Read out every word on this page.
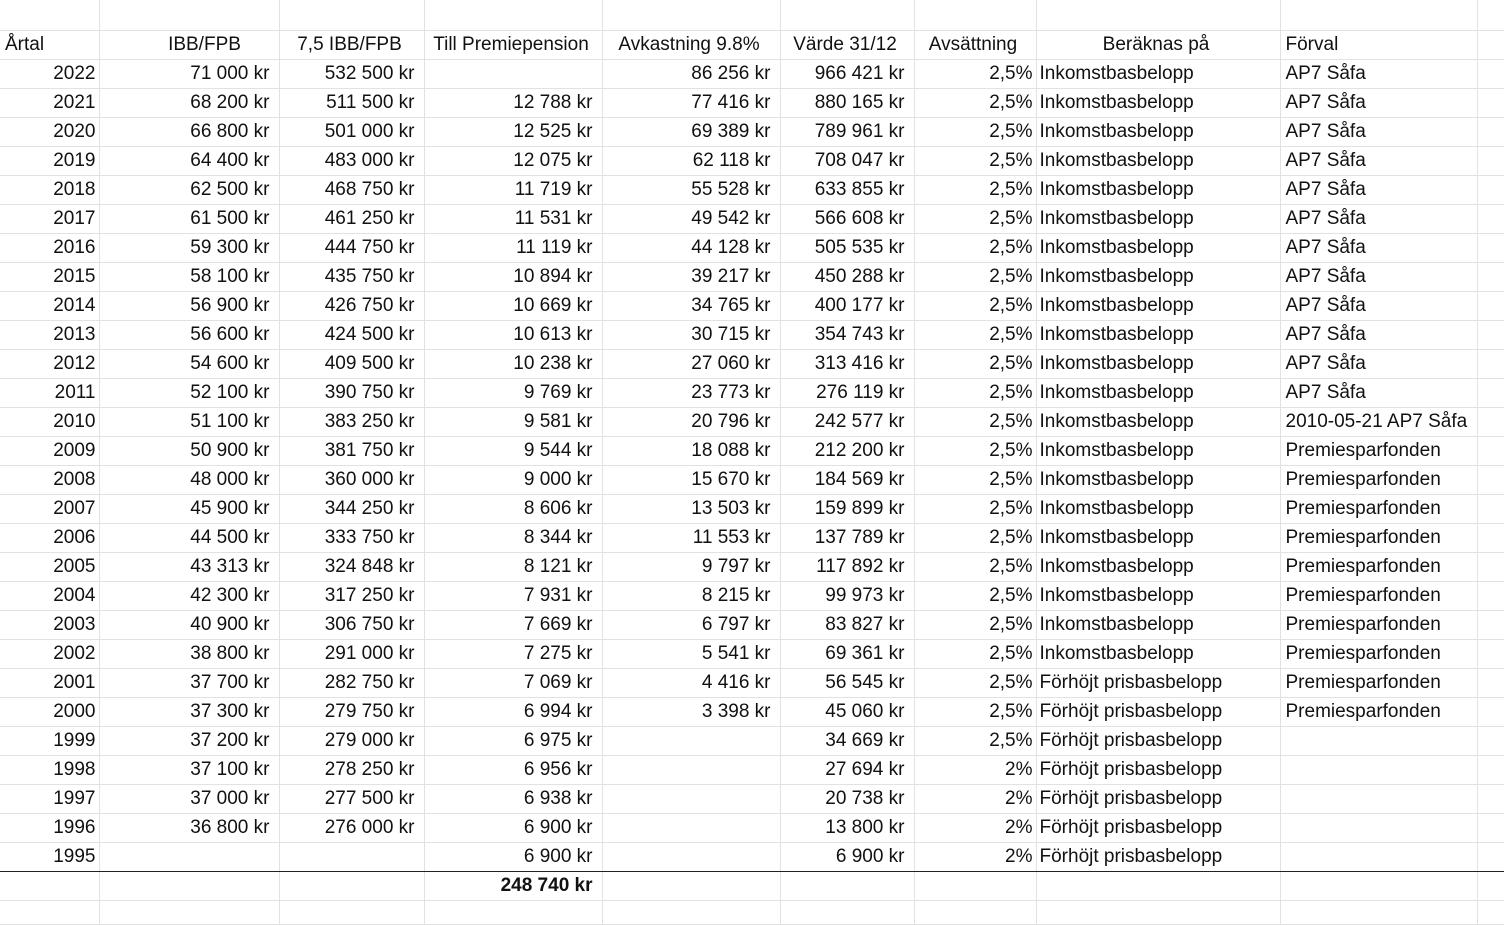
Årtal	IBB/FPB	7,5 IBB/FPB	Till Premiepension	Avkastning 9.8%	Värde 31/12	Avsättning	Beräknas på	Förval	
2022	71 000 kr	532 500 kr		86 256 kr	966 421 kr	2,5%	Inkomstbasbelopp	AP7 Såfa	
2021	68 200 kr	511 500 kr	12 788 kr	77 416 kr	880 165 kr	2,5%	Inkomstbasbelopp	AP7 Såfa	
2020	66 800 kr	501 000 kr	12 525 kr	69 389 kr	789 961 kr	2,5%	Inkomstbasbelopp	AP7 Såfa	
2019	64 400 kr	483 000 kr	12 075 kr	62 118 kr	708 047 kr	2,5%	Inkomstbasbelopp	AP7 Såfa	
2018	62 500 kr	468 750 kr	11 719 kr	55 528 kr	633 855 kr	2,5%	Inkomstbasbelopp	AP7 Såfa	
2017	61 500 kr	461 250 kr	11 531 kr	49 542 kr	566 608 kr	2,5%	Inkomstbasbelopp	AP7 Såfa	
2016	59 300 kr	444 750 kr	11 119 kr	44 128 kr	505 535 kr	2,5%	Inkomstbasbelopp	AP7 Såfa	
2015	58 100 kr	435 750 kr	10 894 kr	39 217 kr	450 288 kr	2,5%	Inkomstbasbelopp	AP7 Såfa	
2014	56 900 kr	426 750 kr	10 669 kr	34 765 kr	400 177 kr	2,5%	Inkomstbasbelopp	AP7 Såfa	
2013	56 600 kr	424 500 kr	10 613 kr	30 715 kr	354 743 kr	2,5%	Inkomstbasbelopp	AP7 Såfa	
2012	54 600 kr	409 500 kr	10 238 kr	27 060 kr	313 416 kr	2,5%	Inkomstbasbelopp	AP7 Såfa	
2011	52 100 kr	390 750 kr	9 769 kr	23 773 kr	276 119 kr	2,5%	Inkomstbasbelopp	AP7 Såfa	
2010	51 100 kr	383 250 kr	9 581 kr	20 796 kr	242 577 kr	2,5%	Inkomstbasbelopp	2010-05-21 AP7 Såfa	
2009	50 900 kr	381 750 kr	9 544 kr	18 088 kr	212 200 kr	2,5%	Inkomstbasbelopp	Premiesparfonden	
2008	48 000 kr	360 000 kr	9 000 kr	15 670 kr	184 569 kr	2,5%	Inkomstbasbelopp	Premiesparfonden	
2007	45 900 kr	344 250 kr	8 606 kr	13 503 kr	159 899 kr	2,5%	Inkomstbasbelopp	Premiesparfonden	
2006	44 500 kr	333 750 kr	8 344 kr	11 553 kr	137 789 kr	2,5%	Inkomstbasbelopp	Premiesparfonden	
2005	43 313 kr	324 848 kr	8 121 kr	9 797 kr	117 892 kr	2,5%	Inkomstbasbelopp	Premiesparfonden	
2004	42 300 kr	317 250 kr	7 931 kr	8 215 kr	99 973 kr	2,5%	Inkomstbasbelopp	Premiesparfonden	
2003	40 900 kr	306 750 kr	7 669 kr	6 797 kr	83 827 kr	2,5%	Inkomstbasbelopp	Premiesparfonden	
2002	38 800 kr	291 000 kr	7 275 kr	5 541 kr	69 361 kr	2,5%	Inkomstbasbelopp	Premiesparfonden	
2001	37 700 kr	282 750 kr	7 069 kr	4 416 kr	56 545 kr	2,5%	Förhöjt prisbasbelopp	Premiesparfonden	
2000	37 300 kr	279 750 kr	6 994 kr	3 398 kr	45 060 kr	2,5%	Förhöjt prisbasbelopp	Premiesparfonden	
1999	37 200 kr	279 000 kr	6 975 kr		34 669 kr	2,5%	Förhöjt prisbasbelopp		
1998	37 100 kr	278 250 kr	6 956 kr		27 694 kr	2%	Förhöjt prisbasbelopp		
1997	37 000 kr	277 500 kr	6 938 kr		20 738 kr	2%	Förhöjt prisbasbelopp		
1996	36 800 kr	276 000 kr	6 900 kr		13 800 kr	2%	Förhöjt prisbasbelopp		
1995			6 900 kr		6 900 kr	2%	Förhöjt prisbasbelopp		
			248 740 kr						
